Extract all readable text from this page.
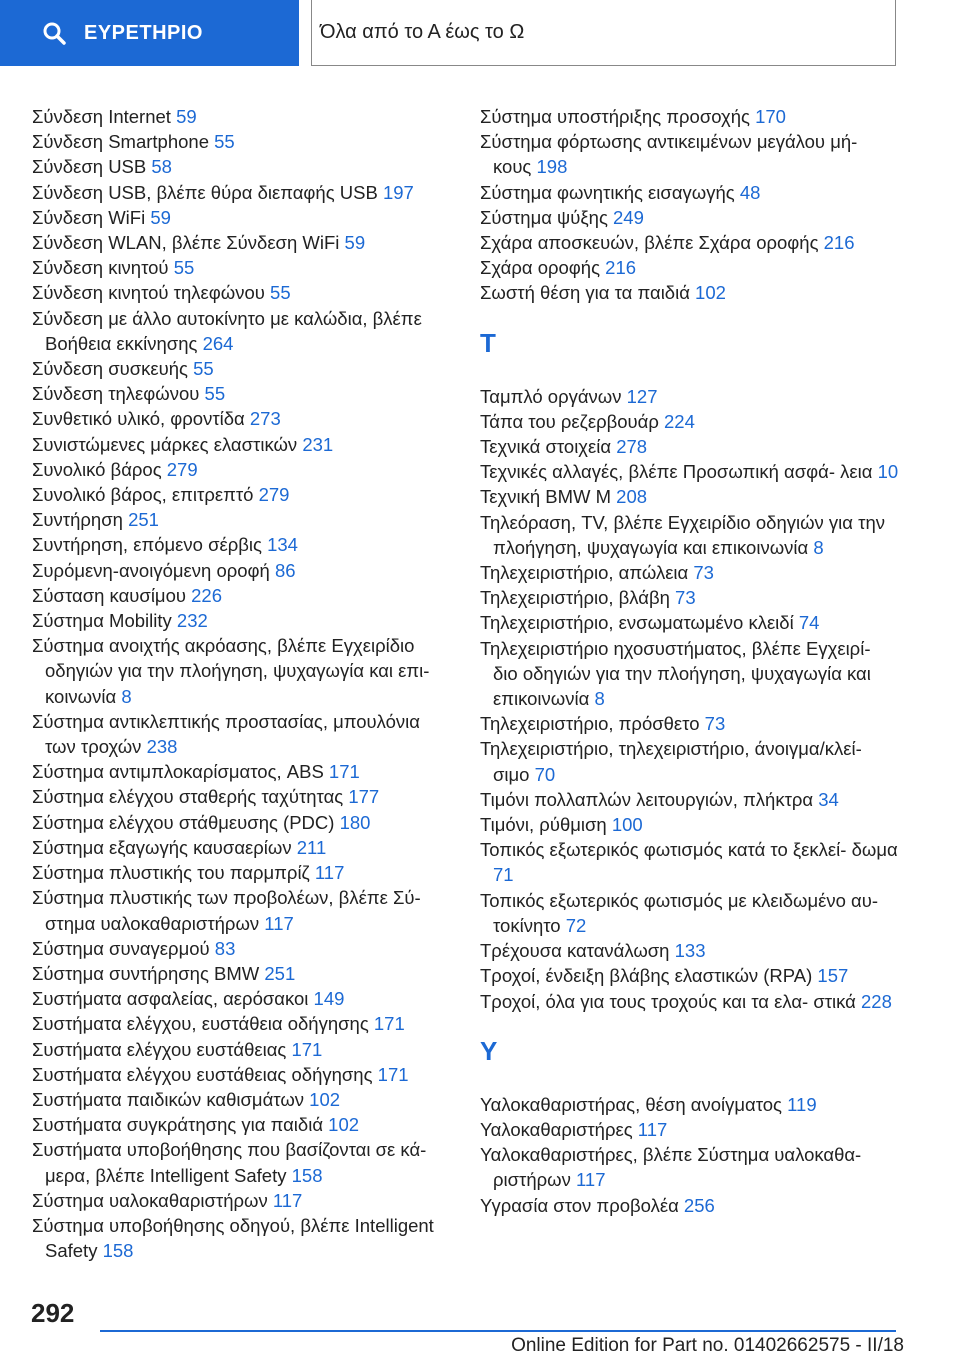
ΕΥΡΕΤΗΡΙΟ	Όλα από το Α έως το Ω
Σύνδεση Internet 59
Σύνδεση Smartphone 55
Σύνδεση USB 58
Σύνδεση USB, βλέπε θύρα διεπαφής USB 197
Σύνδεση WiFi 59
Σύνδεση WLAN, βλέπε Σύνδεση WiFi 59
Σύνδεση κινητού 55
Σύνδεση κινητού τηλεφώνου 55
Σύνδεση με άλλο αυτοκίνητο με καλώδια, βλέπε Βοήθεια εκκίνησης 264
Σύνδεση συσκευής 55
Σύνδεση τηλεφώνου 55
Συνθετικό υλικό, φροντίδα 273
Συνιστώμενες μάρκες ελαστικών 231
Συνολικό βάρος 279
Συνολικό βάρος, επιτρεπτό 279
Συντήρηση 251
Συντήρηση, επόμενο σέρβις 134
Συρόμενη-ανοιγόμενη οροφή 86
Σύσταση καυσίμου 226
Σύστημα Mobility 232
Σύστημα ανοιχτής ακρόασης, βλέπε Εγχειρίδιο οδηγιών για την πλοήγηση, ψυχαγωγία και επι- κοινωνία 8
Σύστημα αντικλεπτικής προστασίας, μπουλόνια των τροχών 238
Σύστημα αντιμπλοκαρίσματος, ABS 171
Σύστημα ελέγχου σταθερής ταχύτητας 177
Σύστημα ελέγχου στάθμευσης (PDC) 180
Σύστημα εξαγωγής καυσαερίων 211
Σύστημα πλυστικής του παρμπρίζ 117
Σύστημα πλυστικής των προβολέων, βλέπε Σύ- στημα υαλοκαθαριστήρων 117
Σύστημα συναγερμού 83
Σύστημα συντήρησης BMW 251
Συστήματα ασφαλείας, αερόσακοι 149
Συστήματα ελέγχου, ευστάθεια οδήγησης 171
Συστήματα ελέγχου ευστάθειας 171
Συστήματα ελέγχου ευστάθειας οδήγησης 171
Συστήματα παιδικών καθισμάτων 102
Συστήματα συγκράτησης για παιδιά 102
Συστήματα υποβοήθησης που βασίζονται σε κά- μερα, βλέπε Intelligent Safety 158
Σύστημα υαλοκαθαριστήρων 117
Σύστημα υποβοήθησης οδηγού, βλέπε Intelligent Safety 158
Σύστημα υποστήριξης προσοχής 170
Σύστημα φόρτωσης αντικειμένων μεγάλου μή- κους 198
Σύστημα φωνητικής εισαγωγής 48
Σύστημα ψύξης 249
Σχάρα αποσκευών, βλέπε Σχάρα οροφής 216
Σχάρα οροφής 216
Σωστή θέση για τα παιδιά 102
T
Ταμπλό οργάνων 127
Τάπα του ρεζερβουάρ 224
Τεχνικά στοιχεία 278
Τεχνικές αλλαγές, βλέπε Προσωπική ασφά- λεια 10
Τεχνική BMW M 208
Τηλεόραση, TV, βλέπε Εγχειρίδιο οδηγιών για την πλοήγηση, ψυχαγωγία και επικοινωνία 8
Τηλεχειριστήριο, απώλεια 73
Τηλεχειριστήριο, βλάβη 73
Τηλεχειριστήριο, ενσωματωμένο κλειδί 74
Τηλεχειριστήριο ηχοσυστήματος, βλέπε Εγχειρί- διο οδηγιών για την πλοήγηση, ψυχαγωγία και επικοινωνία 8
Τηλεχειριστήριο, πρόσθετο 73
Τηλεχειριστήριο, τηλεχειριστήριο, άνοιγμα/κλεί- σιμο 70
Τιμόνι πολλαπλών λειτουργιών, πλήκτρα 34
Τιμόνι, ρύθμιση 100
Τοπικός εξωτερικός φωτισμός κατά το ξεκλεί- δωμα 71
Τοπικός εξωτερικός φωτισμός με κλειδωμένο αυ- τοκίνητο 72
Τρέχουσα κατανάλωση 133
Τροχοί, ένδειξη βλάβης ελαστικών (RPA) 157
Τροχοί, όλα για τους τροχούς και τα ελα- στικά 228
Y
Υαλοκαθαριστήρας, θέση ανοίγματος 119
Υαλοκαθαριστήρες 117
Υαλοκαθαριστήρες, βλέπε Σύστημα υαλοκαθα- ριστήρων 117
Υγρασία στον προβολέα 256
292
Online Edition for Part no. 01402662575 - II/18
